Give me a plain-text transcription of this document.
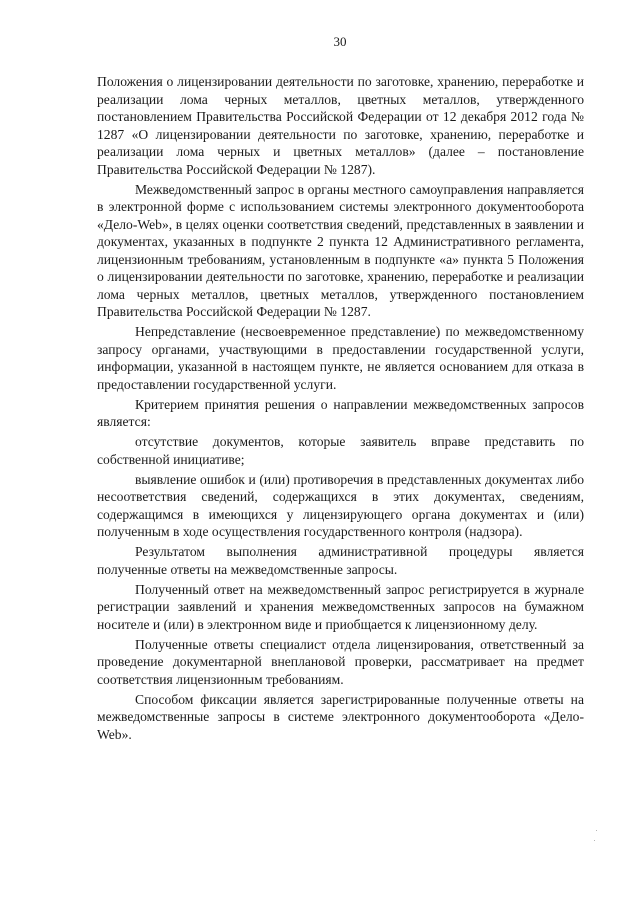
30

Положения о лицензировании деятельности по заготовке, хранению, переработке и реализации лома черных металлов, цветных металлов, утвержденного постановлением Правительства Российской Федерации от 12 декабря 2012 года № 1287 «О лицензировании деятельности по заготовке, хранению, переработке и реализации лома черных и цветных металлов» (далее – постановление Правительства Российской Федерации № 1287).

Межведомственный запрос в органы местного самоуправления направляется в электронной форме с использованием системы электронного документооборота «Дело-Web», в целях оценки соответствия сведений, представленных в заявлении и документах, указанных в подпункте 2 пункта 12 Административного регламента, лицензионным требованиям, установленным в подпункте «а» пункта 5 Положения о лицензировании деятельности по заготовке, хранению, переработке и реализации лома черных металлов, цветных металлов, утвержденного постановлением Правительства Российской Федерации № 1287.

Непредставление (несвоевременное представление) по межведомственному запросу органами, участвующими в предоставлении государственной услуги, информации, указанной в настоящем пункте, не является основанием для отказа в предоставлении государственной услуги.

Критерием принятия решения о направлении межведомственных запросов является:

отсутствие документов, которые заявитель вправе представить по собственной инициативе;

выявление ошибок и (или) противоречия в представленных документах либо несоответствия сведений, содержащихся в этих документах, сведениям, содержащимся в имеющихся у лицензирующего органа документах и (или) полученным в ходе осуществления государственного контроля (надзора).

Результатом выполнения административной процедуры является полученные ответы на межведомственные запросы.

Полученный ответ на межведомственный запрос регистрируется в журнале регистрации заявлений и хранения межведомственных запросов на бумажном носителе и (или) в электронном виде и приобщается к лицензионному делу.

Полученные ответы специалист отдела лицензирования, ответственный за проведение документарной внеплановой проверки, рассматривает на предмет соответствия лицензионным требованиям.

Способом фиксации является зарегистрированные полученные ответы на межведомственные запросы в системе электронного документооборота «Дело-Web».
